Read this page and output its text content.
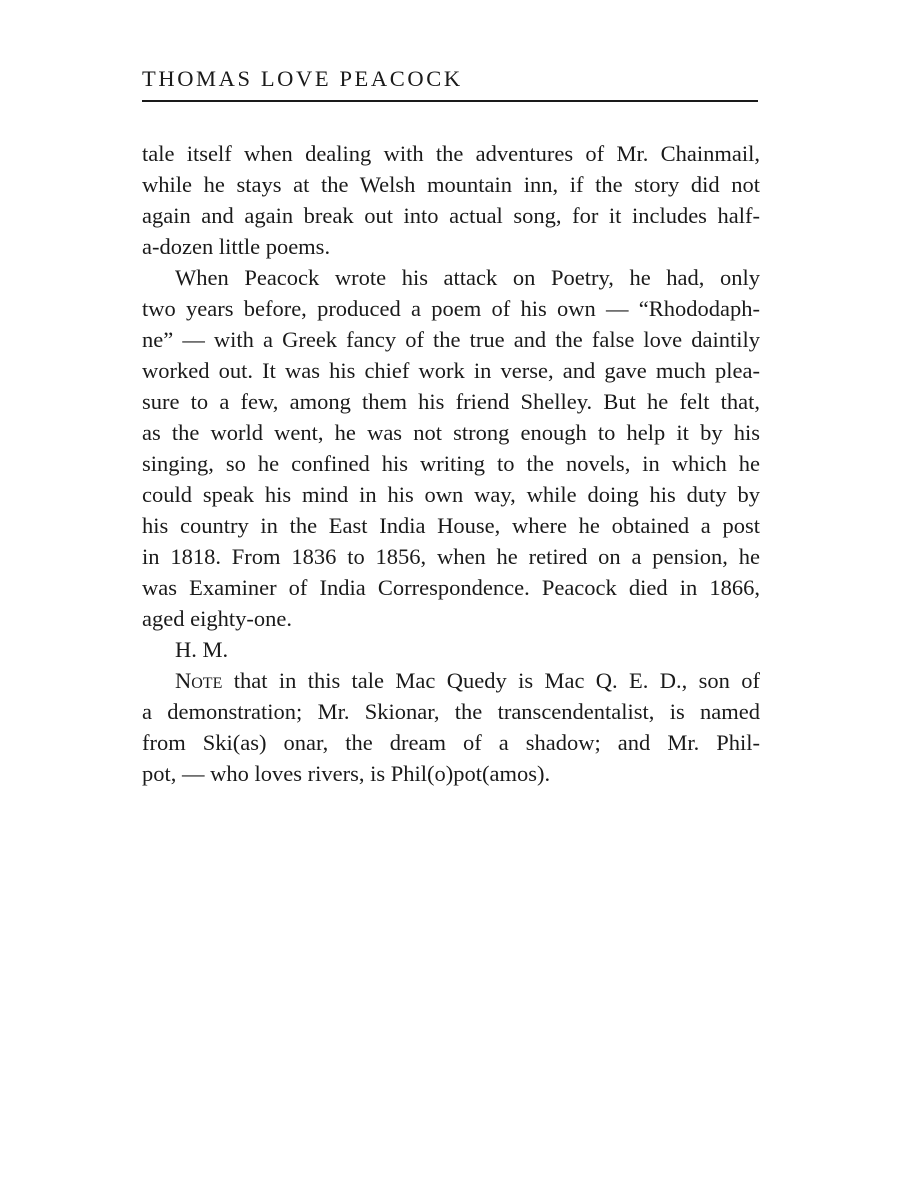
THOMAS LOVE PEACOCK
tale itself when dealing with the adventures of Mr. Chainmail,
while he stays at the Welsh mountain inn, if the story did not
again and again break out into actual song, for it includes half-
a-dozen little poems.
When Peacock wrote his attack on Poetry, he had, only
two years before, produced a poem of his own — “Rhododaph-
ne” — with a Greek fancy of the true and the false love daintily
worked out. It was his chief work in verse, and gave much plea-
sure to a few, among them his friend Shelley. But he felt that,
as the world went, he was not strong enough to help it by his
singing, so he confined his writing to the novels, in which he
could speak his mind in his own way, while doing his duty by
his country in the East India House, where he obtained a post
in 1818. From 1836 to 1856, when he retired on a pension, he
was Examiner of India Correspondence. Peacock died in 1866,
aged eighty-one.
H. M.
Note that in this tale Mac Quedy is Mac Q. E. D., son of
a demonstration; Mr. Skionar, the transcendentalist, is named
from Ski(as) onar, the dream of a shadow; and Mr. Phil-
pot, — who loves rivers, is Phil(o)pot(amos).
